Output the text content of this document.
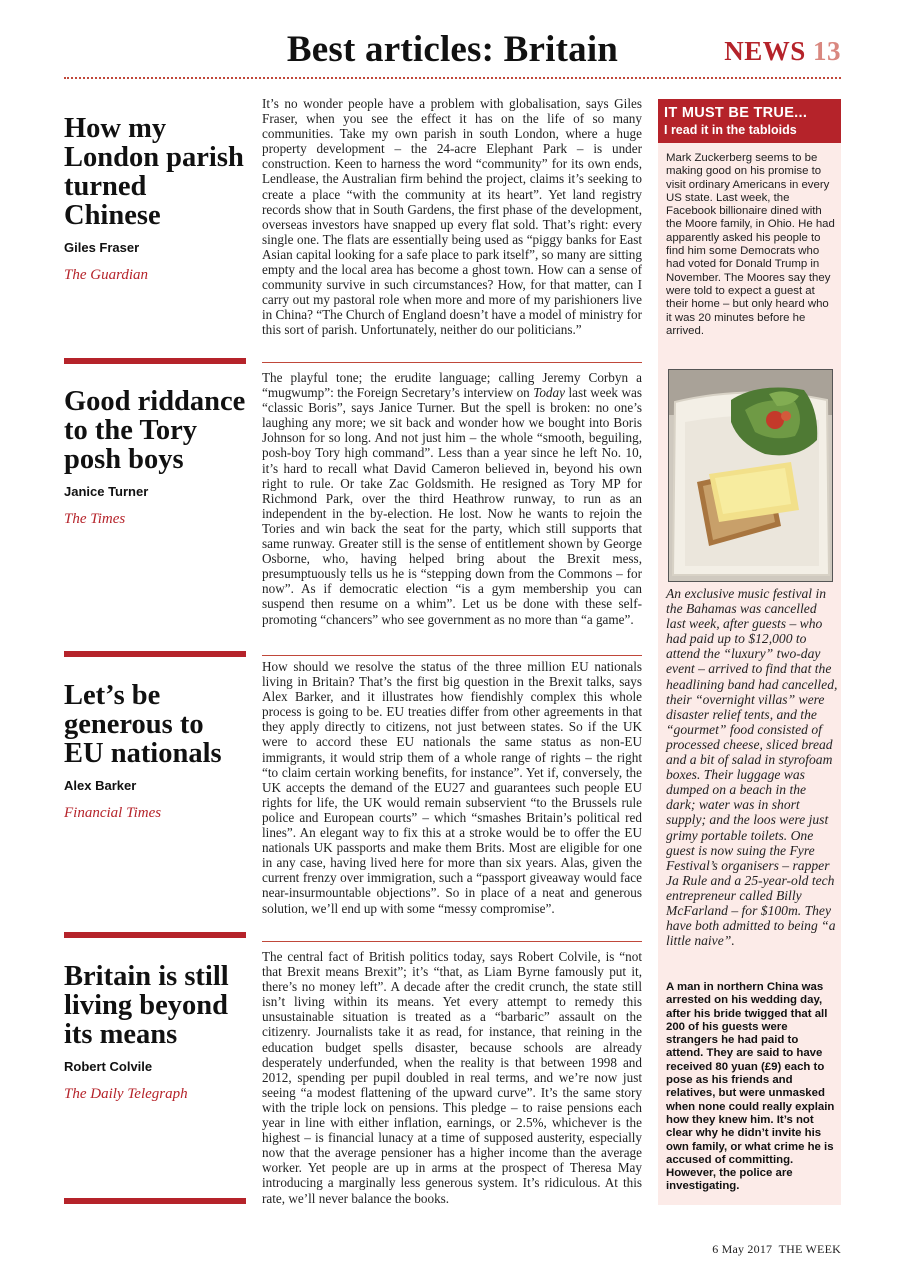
Best articles: Britain	NEWS 13
How my London parish turned Chinese
Giles Fraser
The Guardian

It’s no wonder people have a problem with globalisation, says Giles Fraser, when you see the effect it has on the life of so many communities. Take my own parish in south London, where a huge property development – the 24-acre Elephant Park – is under construction. Keen to harness the word “community” for its own ends, Lendlease, the Australian firm behind the project, claims it’s seeking to create a place “with the community at its heart”. Yet land registry records show that in South Gardens, the first phase of the development, overseas investors have snapped up every flat sold. That’s right: every single one. The flats are essentially being used as “piggy banks for East Asian capital looking for a safe place to park itself”, so many are sitting empty and the local area has become a ghost town. How can a sense of community survive in such circumstances? How, for that matter, can I carry out my pastoral role when more and more of my parishioners live in China? “The Church of England doesn’t have a model of ministry for this sort of parish. Unfortunately, neither do our politicians.”

Good riddance to the Tory posh boys
Janice Turner
The Times

The playful tone; the erudite language; calling Jeremy Corbyn a “mugwump”: the Foreign Secretary’s interview on Today last week was “classic Boris”, says Janice Turner. But the spell is broken: no one’s laughing any more; we sit back and wonder how we bought into Boris Johnson for so long. And not just him – the whole “smooth, beguiling, posh-boy Tory high command”. Less than a year since he left No. 10, it’s hard to recall what David Cameron believed in, beyond his own right to rule. Or take Zac Goldsmith. He resigned as Tory MP for Richmond Park, over the third Heathrow runway, to run as an independent in the by-election. He lost. Now he wants to rejoin the Tories and win back the seat for the party, which still supports that same runway. Greater still is the sense of entitlement shown by George Osborne, who, having helped bring about the Brexit mess, presumptuously tells us he is “stepping down from the Commons – for now”. As if democratic election “is a gym membership you can suspend then resume on a whim”. Let us be done with these self-promoting “chancers” who see government as no more than “a game”.

Let’s be generous to EU nationals
Alex Barker
Financial Times

How should we resolve the status of the three million EU nationals living in Britain? That’s the first big question in the Brexit talks, says Alex Barker, and it illustrates how fiendishly complex this whole process is going to be. EU treaties differ from other agreements in that they apply directly to citizens, not just between states. So if the UK were to accord these EU nationals the same status as non-EU immigrants, it would strip them of a whole range of rights – the right “to claim certain working benefits, for instance”. Yet if, conversely, the UK accepts the demand of the EU27 and guarantees such people EU rights for life, the UK would remain subservient “to the Brussels rule police and European courts” – which “smashes Britain’s political red lines”. An elegant way to fix this at a stroke would be to offer the EU nationals UK passports and make them Brits. Most are eligible for one in any case, having lived here for more than six years. Alas, given the current frenzy over immigration, such a “passport giveaway would face near-insurmountable objections”. So in place of a neat and generous solution, we’ll end up with some “messy compromise”.

Britain is still living beyond its means
Robert Colvile
The Daily Telegraph

The central fact of British politics today, says Robert Colvile, is “not that Brexit means Brexit”; it’s “that, as Liam Byrne famously put it, there’s no money left”. A decade after the credit crunch, the state still isn’t living within its means. Yet every attempt to remedy this unsustainable situation is treated as a “barbaric” assault on the citizenry. Journalists take it as read, for instance, that reining in the education budget spells disaster, because schools are already desperately underfunded, when the reality is that between 1998 and 2012, spending per pupil doubled in real terms, and we’re now just seeing “a modest flattening of the upward curve”. It’s the same story with the triple lock on pensions. This pledge – to raise pensions each year in line with either inflation, earnings, or 2.5%, whichever is the highest – is financial lunacy at a time of supposed austerity, especially now that the average pensioner has a higher income than the average worker. Yet people are up in arms at the prospect of Theresa May introducing a marginally less generous system. It’s ridiculous. At this rate, we’ll never balance the books.

IT MUST BE TRUE...
I read it in the tabloids

Mark Zuckerberg seems to be making good on his promise to visit ordinary Americans in every US state. Last week, the Facebook billionaire dined with the Moore family, in Ohio. He had apparently asked his people to find him some Democrats who had voted for Donald Trump in November. The Moores say they were told to expect a guest at their home – but only heard who it was 20 minutes before he arrived.

An exclusive music festival in the Bahamas was cancelled last week, after guests – who had paid up to $12,000 to attend the “luxury” two-day event – arrived to find that the headlining band had cancelled, their “overnight villas” were disaster relief tents, and the “gourmet” food consisted of processed cheese, sliced bread and a bit of salad in styrofoam boxes. Their luggage was dumped on a beach in the dark; water was in short supply; and the loos were just grimy portable toilets. One guest is now suing the Fyre Festival’s organisers – rapper Ja Rule and a 25-year-old tech entrepreneur called Billy McFarland – for $100m. They have both admitted to being “a little naive”.

A man in northern China was arrested on his wedding day, after his bride twigged that all 200 of his guests were strangers he had paid to attend. They are said to have received 80 yuan (£9) each to pose as his friends and relatives, but were unmasked when none could really explain how they knew him. It’s not clear why he didn’t invite his own family, or what crime he is accused of committing. However, the police are investigating.

6 May 2017 THE WEEK
